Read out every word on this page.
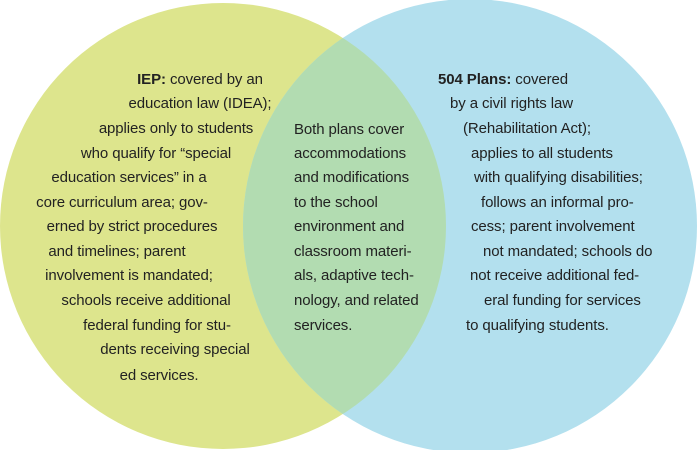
IEP: covered by an
education law (IDEA);
applies only to students
who qualify for “special
education services” in a
core curriculum area; gov-
erned by strict procedures
and timelines; parent
involvement is mandated;
schools receive additional
federal funding for stu-
dents receiving special
ed services.
Both plans cover
accommodations
and modifications
to the school
environment and
classroom materi-
als, adaptive tech-
nology, and related
services.
504 Plans: covered
by a civil rights law
(Rehabilitation Act);
applies to all students
with qualifying disabilities;
follows an informal pro-
cess; parent involvement
not mandated; schools do
not receive additional fed-
eral funding for services
to qualifying students.
